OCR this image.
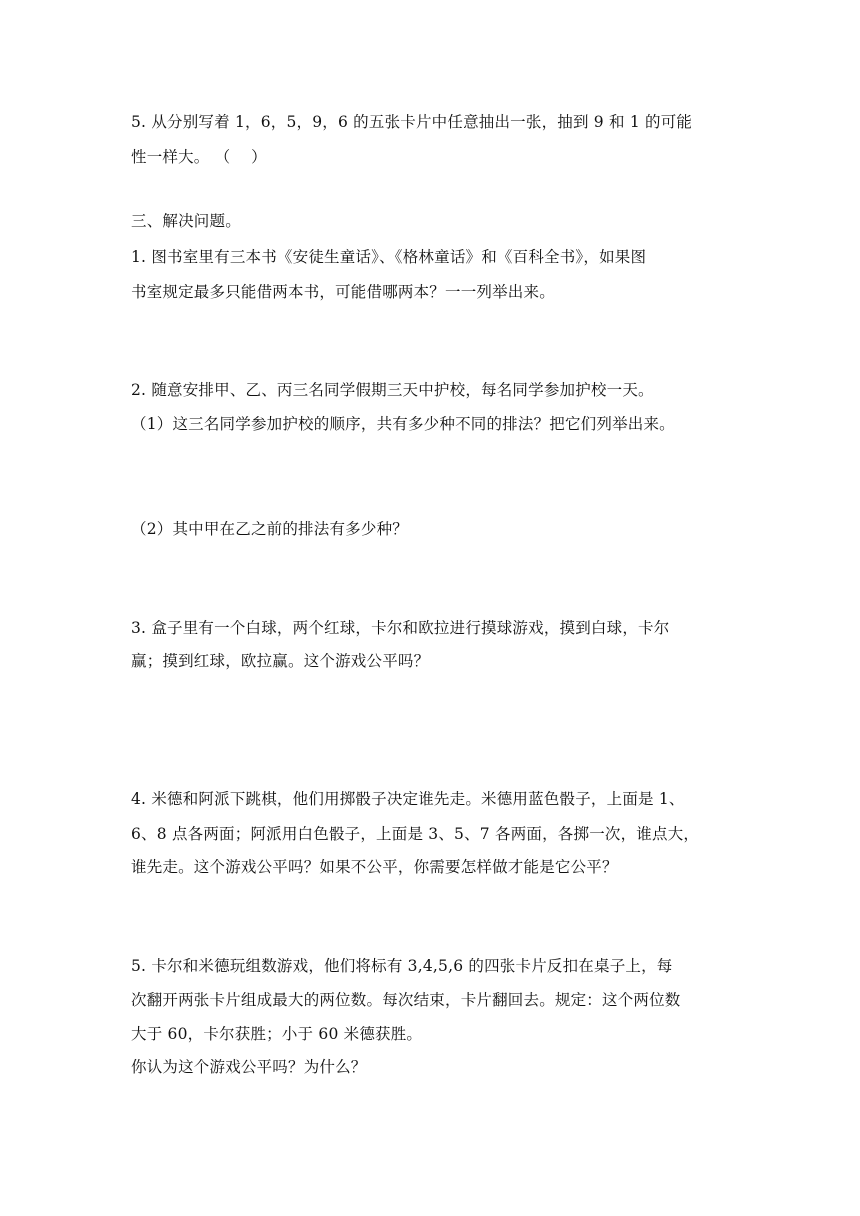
5. 从分别写着 1，6，5，9，6 的五张卡片中任意抽出一张，抽到 9 和 1 的可能
性一样大。 （　 ）
三、解决问题。
1. 图书室里有三本书《安徒生童话》、《格林童话》和《百科全书》，如果图
书室规定最多只能借两本书，可能借哪两本？一一列举出来。
2. 随意安排甲、乙、丙三名同学假期三天中护校，每名同学参加护校一天。
（1）这三名同学参加护校的顺序，共有多少种不同的排法？把它们列举出来。
（2）其中甲在乙之前的排法有多少种？
3. 盒子里有一个白球，两个红球，卡尔和欧拉进行摸球游戏，摸到白球，卡尔
赢；摸到红球，欧拉赢。这个游戏公平吗？
4. 米德和阿派下跳棋，他们用掷骰子决定谁先走。米德用蓝色骰子，上面是 1、
6、8 点各两面；阿派用白色骰子，上面是 3、5、7 各两面，各掷一次，谁点大，
谁先走。这个游戏公平吗？如果不公平，你需要怎样做才能是它公平？
5. 卡尔和米德玩组数游戏，他们将标有 3,4,5,6 的四张卡片反扣在桌子上，每
次翻开两张卡片组成最大的两位数。每次结束，卡片翻回去。规定：这个两位数
大于 60，卡尔获胜；小于 60 米德获胜。
你认为这个游戏公平吗？为什么？
